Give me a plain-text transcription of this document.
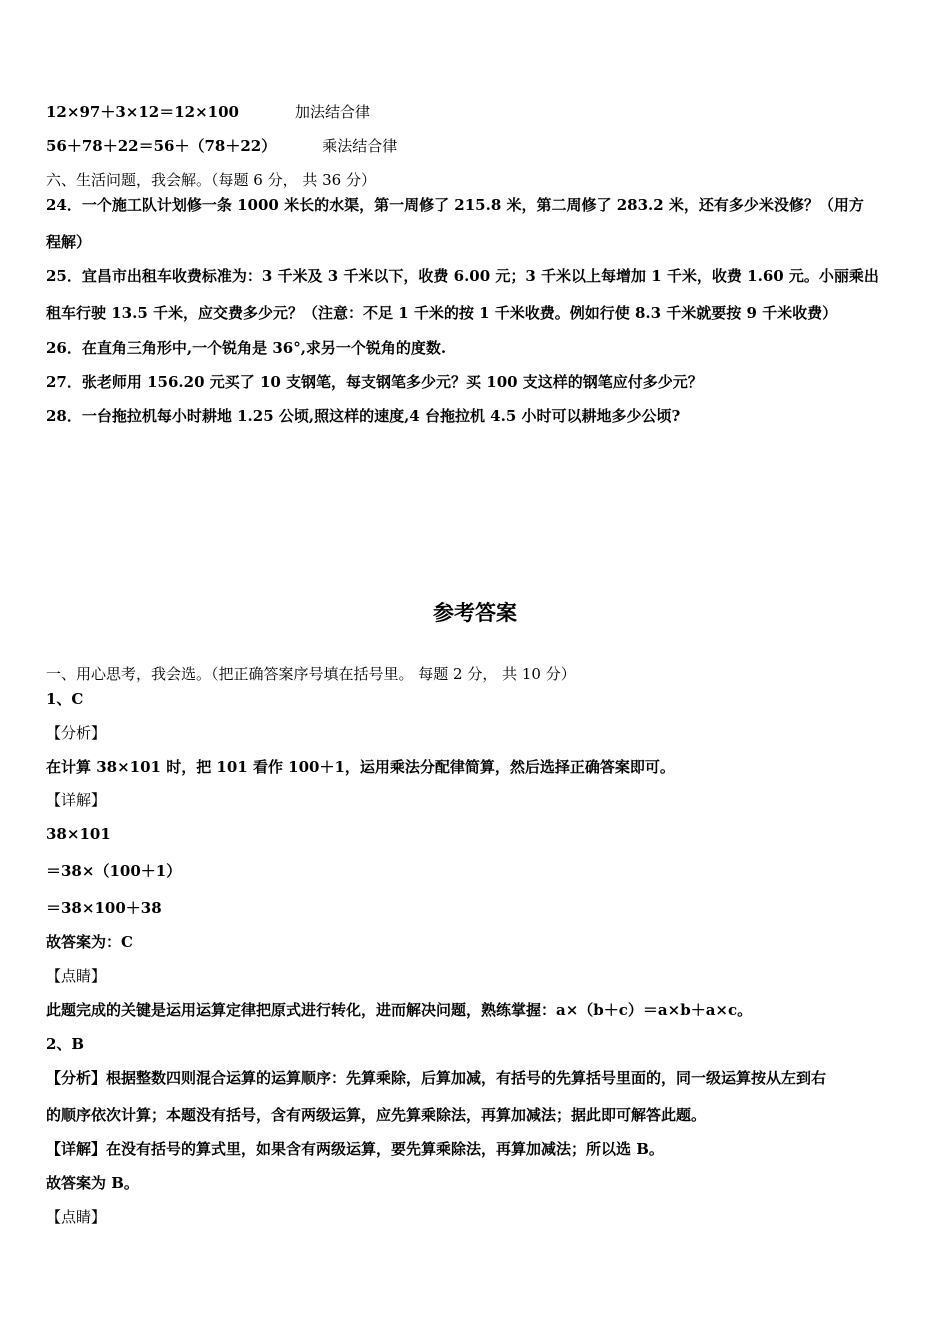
12×97＋3×12＝12×100	加法结合律
56＋78＋22＝56＋（78＋22）	乘法结合律
六、生活问题，我会解。（每题 6 分， 共 36 分）
24．一个施工队计划修一条 1000 米长的水渠，第一周修了 215.8 米，第二周修了 283.2 米，还有多少米没修？（用方
程解）
25．宜昌市出租车收费标准为：3 千米及 3 千米以下，收费 6.00 元；3 千米以上每增加 1 千米，收费 1.60 元。小丽乘出
租车行驶 13.5 千米，应交费多少元？（注意：不足 1 千米的按 1 千米收费。例如行使 8.3 千米就要按 9 千米收费）
26．在直角三角形中,一个锐角是 36°,求另一个锐角的度数.
27．张老师用 156.20 元买了 10 支钢笔，每支钢笔多少元？买 100 支这样的钢笔应付多少元？
28．一台拖拉机每小时耕地 1.25 公顷,照这样的速度,4 台拖拉机 4.5 小时可以耕地多少公顷?
参考答案
一、用心思考，我会选。（把正确答案序号填在括号里。 每题 2 分， 共 10 分）
1、C
【分析】
在计算 38×101 时，把 101 看作 100＋1，运用乘法分配律简算，然后选择正确答案即可。
【详解】
38×101
＝38×（100＋1）
＝38×100＋38
故答案为：C
【点睛】
此题完成的关键是运用运算定律把原式进行转化，进而解决问题，熟练掌握：a×（b＋c）＝a×b＋a×c。
2、B
【分析】根据整数四则混合运算的运算顺序：先算乘除，后算加减，有括号的先算括号里面的，同一级运算按从左到右
的顺序依次计算；本题没有括号，含有两级运算，应先算乘除法，再算加减法；据此即可解答此题。
【详解】在没有括号的算式里，如果含有两级运算，要先算乘除法，再算加减法；所以选 B。
故答案为 B。
【点睛】
